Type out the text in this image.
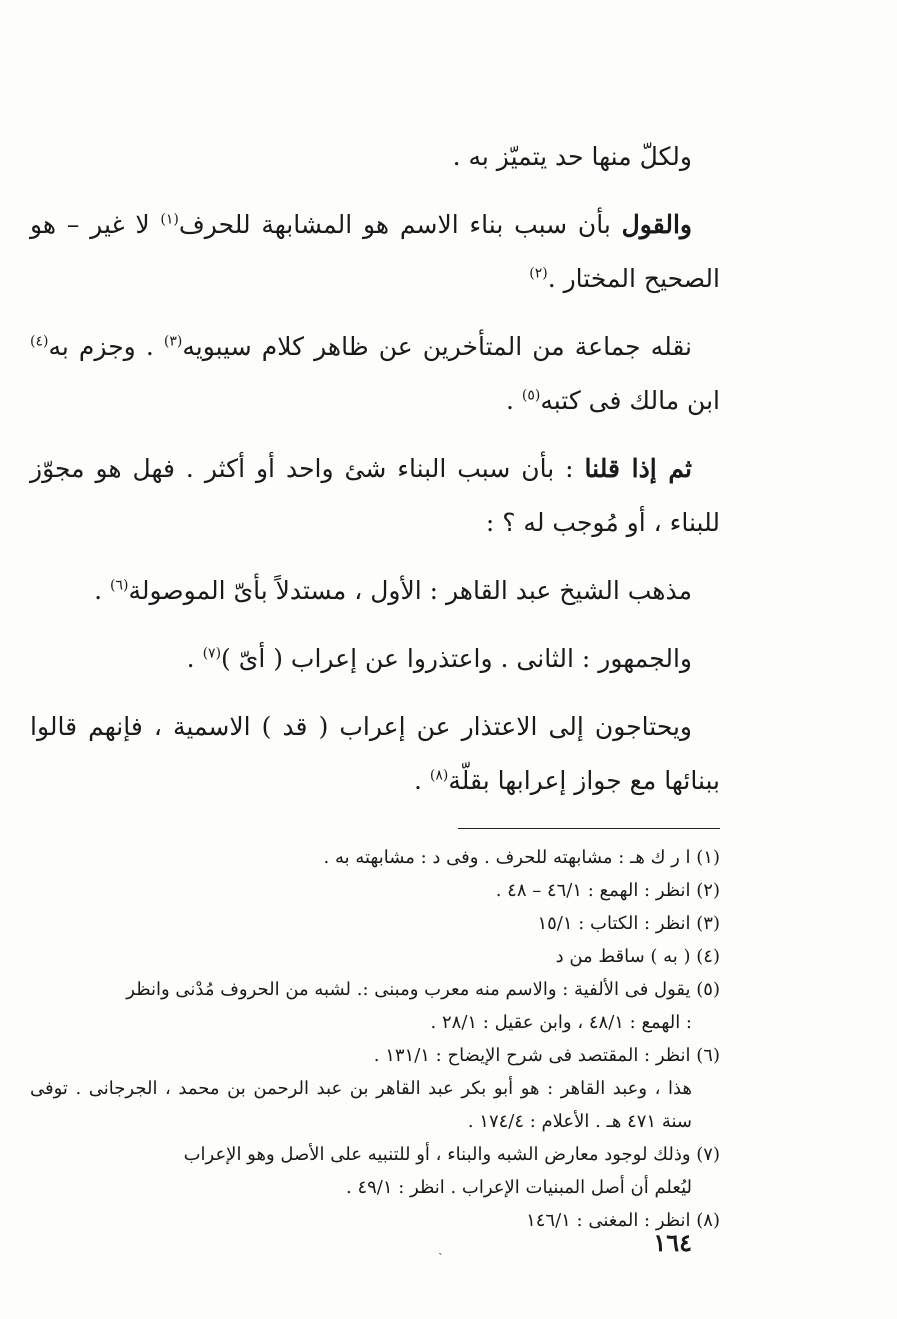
ولكلّ منها حد يتميّز به .

والقول بأن سبب بناء الاسم هو المشابهة للحرف$^{(١)}$ لا غير – هو الصحيح المختار .$^{(٢)}$

نقله جماعة من المتأخرين عن ظاهر كلام سيبويه$^{(٣)}$ . وجزم به$^{(٤)}$ ابن مالك فى كتبه$^{(٥)}$ .

ثم إذا قلنا : بأن سبب البناء شئ واحد أو أكثر . فهل هو مجوّز للبناء ، أو مُوجب له ؟ :

مذهب الشيخ عبد القاهر : الأول ، مستدلاً بأىّ الموصولة$^{(٦)}$ .

والجمهور : الثانى . واعتذروا عن إعراب ( أىّ )$^{(٧)}$ .

ويحتاجون إلى الاعتذار عن إعراب ( قد ) الاسمية ، فإنهم قالوا ببنائها مع جواز إعرابها بقلّة$^{(٨)}$ .

(١) ا ر ك هـ : مشابهته للحرف . وفى د : مشابهته به .

(٢) انظر : الهمع : ٤٦/١ – ٤٨ .

(٣) انظر : الكتاب : ١٥/١

(٤) ( به ) ساقط من د

(٥) يقول فى الألفية : والاسم منه معرب ومبنى :. لشبه من الحروف مُدْنى وانظر
: الهمع : ٤٨/١ ، وابن عقيل : ٢٨/١ .

(٦) انظر : المقتصد فى شرح الإيضاح : ١٣١/١ .
هذا ، وعبد القاهر : هو أبو بكر عبد القاهر بن عبد الرحمن بن محمد ، الجرجانى . توفى سنة ٤٧١ هـ . الأعلام : ١٧٤/٤ .

(٧) وذلك لوجود معارض الشبه والبناء ، أو للتنبيه على الأصل وهو الإعراب
ليُعلم أن أصل المبنيات الإعراب . انظر : ٤٩/١ .

(٨) انظر : المغنى : ١٤٦/١

١٦٤
ˏ
